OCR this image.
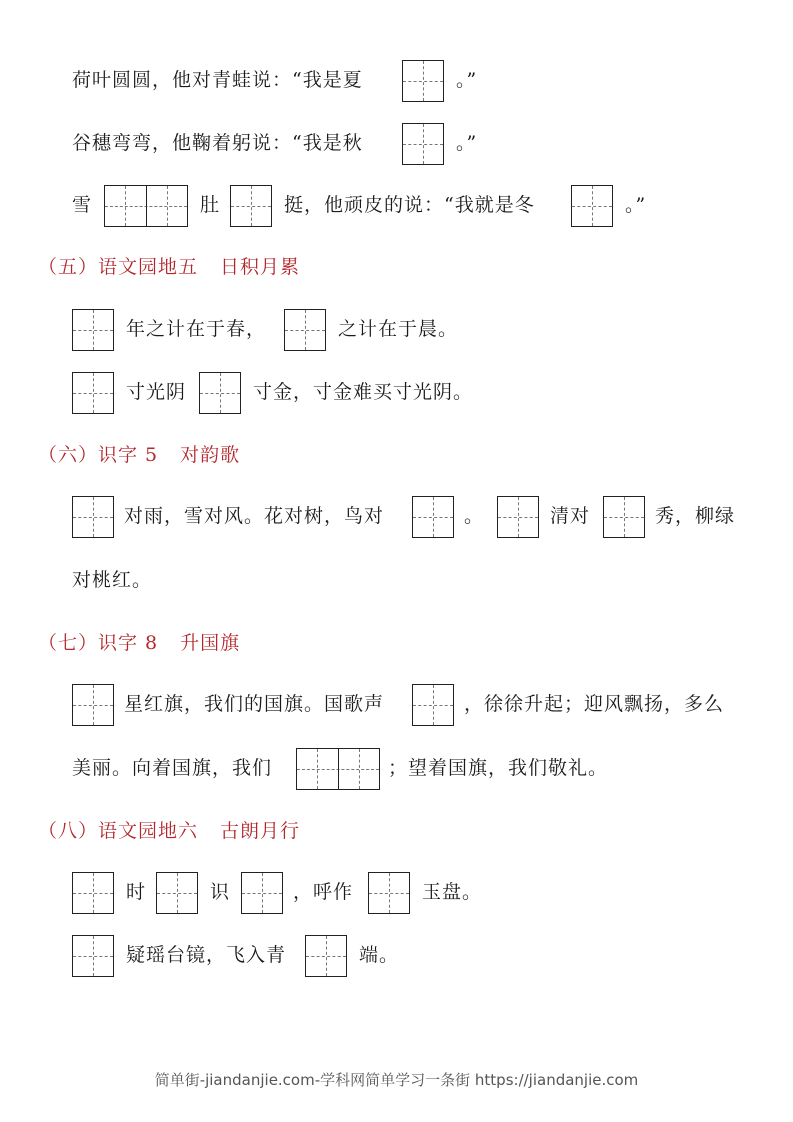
荷叶圆圆，他对青蛙说：“我是夏	。”
谷穗弯弯，他鞠着躬说：“我是秋	。”
雪	肚	挺，他顽皮的说：“我就是冬	。”
（五）语文园地五 日积月累
年之计在于春，	之计在于晨。
寸光阴	寸金，寸金难买寸光阴。
（六）识字 5 对韵歌
对雨，雪对风。花对树，鸟对	。	清对	秀，柳绿
对桃红。
（七）识字 8 升国旗
星红旗，我们的国旗。国歌声	，徐徐升起；迎风飘扬，多么
美丽。向着国旗，我们	；望着国旗，我们敬礼。
（八）语文园地六 古朗月行
时	识	，呼作	玉盘。
疑瑶台镜，飞入青	端。
简单街-jiandanjie.com-学科网简单学习一条街 https://jiandanjie.com
